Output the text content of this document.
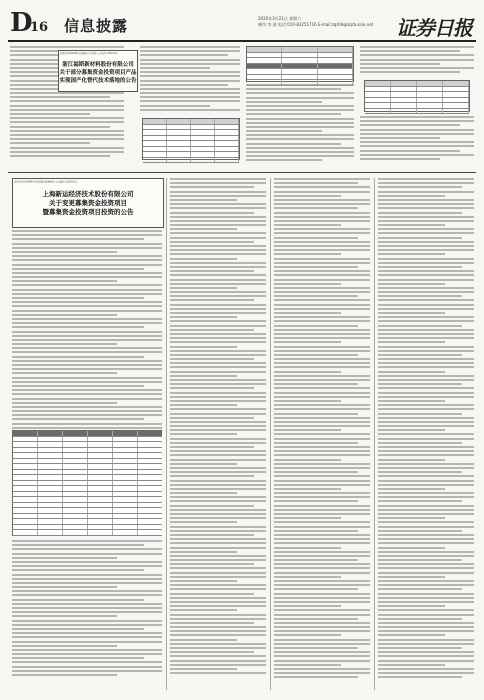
D
16 信息披露	2020年3月21日 星期六
制作:李 波 电话:010-83251716 E-mail:zqrb9@zqrb.sina.net	证券日报
证券代码:600396 证券简称:金山股份 公告编号:2020-017
浙江福斯新材料股份有限公司
关于部分募集资金投资项目产品
实现国产化替代技术落地的公告
证券代码:603889 证券简称:新澳股份 公告编号:2020-012
上海新运经济技术股份有限公司
关于变更募集资金投资项目
暨募集资金投资项目投资的公告
